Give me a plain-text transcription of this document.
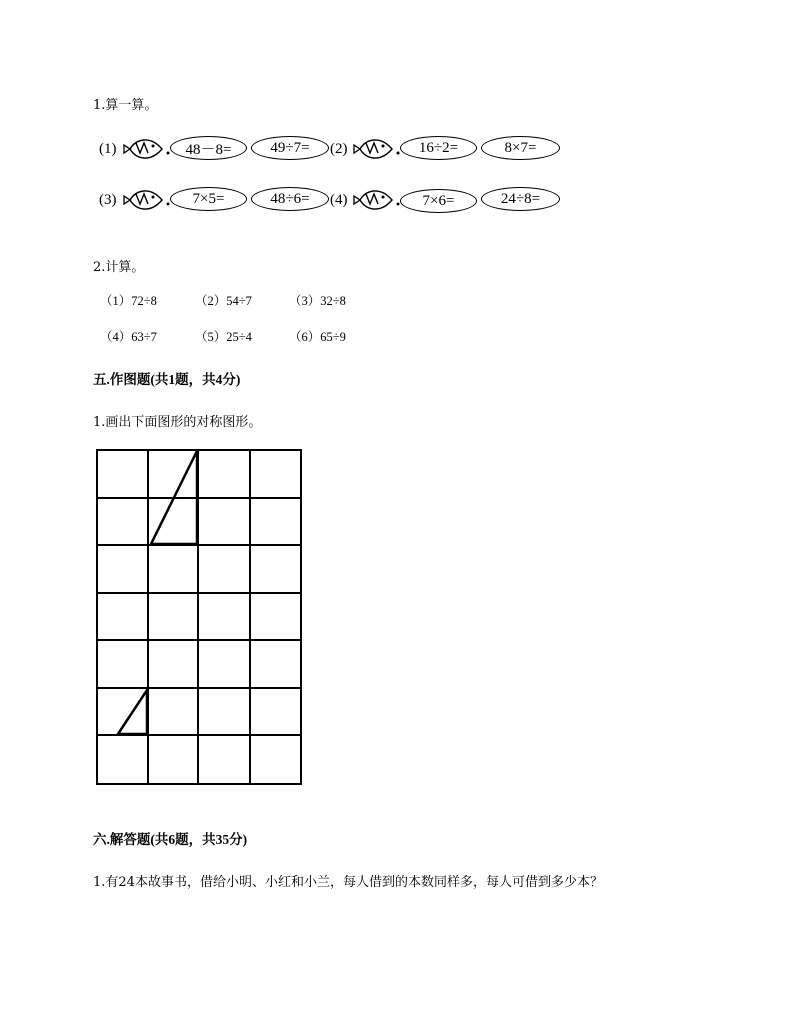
1.算一算。
(1)	48－8=	49÷7=	(2)	16÷2=	8×7=
(3)	7×5=	48÷6=	(4)	7×6=	24÷8=
2.计算。
（1）72÷8	（2）54÷7	（3）32÷8
（4）63÷7	（5）25÷4	（6）65÷9
五.作图题(共1题，共4分)
1.画出下面图形的对称图形。
六.解答题(共6题，共35分)
1.有24本故事书，借给小明、小红和小兰，每人借到的本数同样多，每人可借到多少本？
